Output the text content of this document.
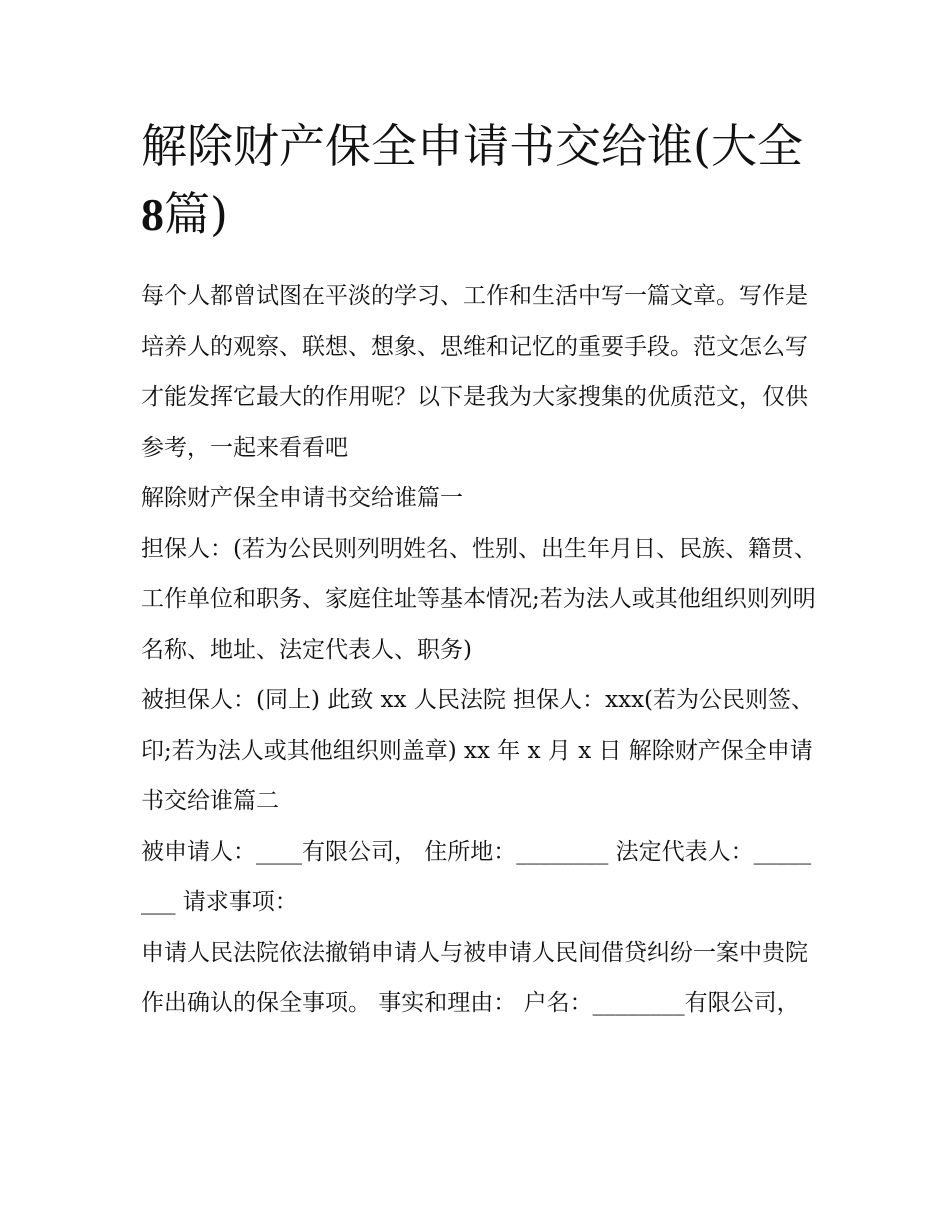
解除财产保全申请书交给谁(大全8篇)

每个人都曾试图在平淡的学习、工作和生活中写一篇文章。写作是培养人的观察、联想、想象、思维和记忆的重要手段。范文怎么写才能发挥它最大的作用呢？以下是我为大家搜集的优质范文，仅供参考，一起来看看吧

解除财产保全申请书交给谁篇一

担保人：(若为公民则列明姓名、性别、出生年月日、民族、籍贯、工作单位和职务、家庭住址等基本情况;若为法人或其他组织则列明名称、地址、法定代表人、职务)

被担保人：(同上) 此致 xx 人民法院 担保人：xxx(若为公民则签、印;若为法人或其他组织则盖章) xx 年 x 月 x 日 解除财产保全申请书交给谁篇二

被申请人：____有限公司， 住所地：________ 法定代表人：________ 请求事项：

申请人民法院依法撤销申请人与被申请人民间借贷纠纷一案中贵院作出确认的保全事项。 事实和理由： 户名：________有限公司，
